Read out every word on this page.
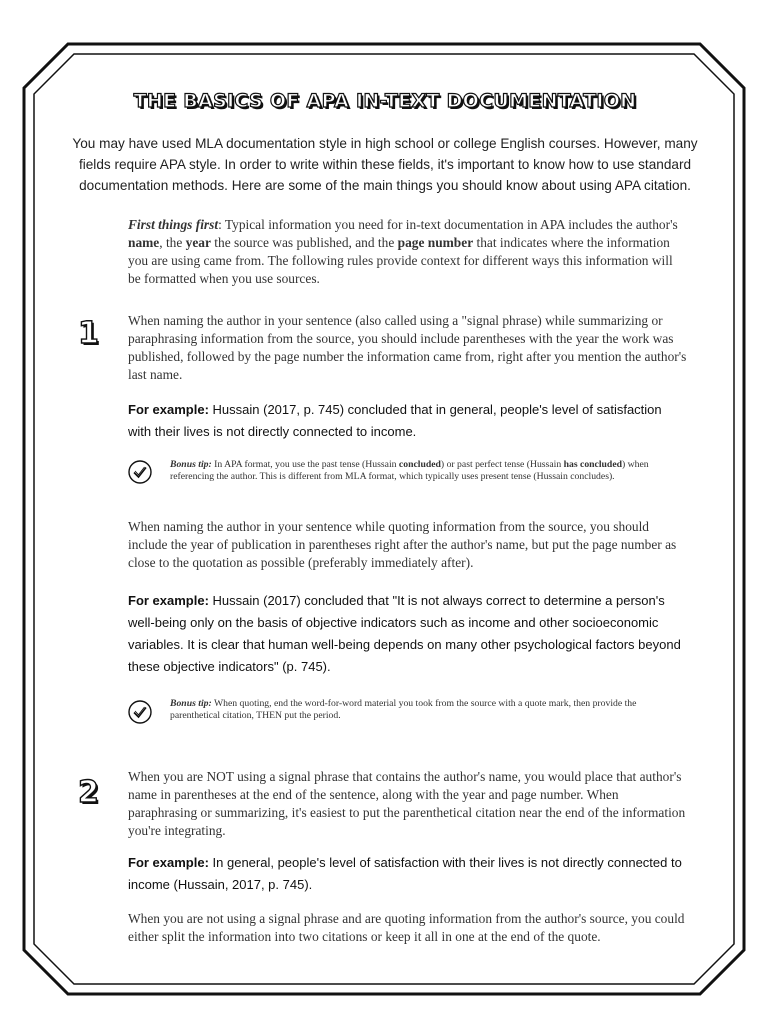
THE BASICS OF APA IN-TEXT DOCUMENTATION
You may have used MLA documentation style in high school or college English courses. However, many fields require APA style. In order to write within these fields, it's important to know how to use standard documentation methods. Here are some of the main things you should know about using APA citation.
First things first: Typical information you need for in-text documentation in APA includes the author's name, the year the source was published, and the page number that indicates where the information you are using came from. The following rules provide context for different ways this information will be formatted when you use sources.
1 When naming the author in your sentence (also called using a "signal phrase) while summarizing or paraphrasing information from the source, you should include parentheses with the year the work was published, followed by the page number the information came from, right after you mention the author's last name.
For example: Hussain (2017, p. 745) concluded that in general, people's level of satisfaction with their lives is not directly connected to income.
Bonus tip: In APA format, you use the past tense (Hussain concluded) or past perfect tense (Hussain has concluded) when referencing the author. This is different from MLA format, which typically uses present tense (Hussain concludes).
When naming the author in your sentence while quoting information from the source, you should include the year of publication in parentheses right after the author's name, but put the page number as close to the quotation as possible (preferably immediately after).
For example: Hussain (2017) concluded that "It is not always correct to determine a person's well-being only on the basis of objective indicators such as income and other socioeconomic variables. It is clear that human well-being depends on many other psychological factors beyond these objective indicators" (p. 745).
Bonus tip: When quoting, end the word-for-word material you took from the source with a quote mark, then provide the parenthetical citation, THEN put the period.
2 When you are NOT using a signal phrase that contains the author's name, you would place that author's name in parentheses at the end of the sentence, along with the year and page number. When paraphrasing or summarizing, it's easiest to put the parenthetical citation near the end of the information you're integrating.
For example: In general, people's level of satisfaction with their lives is not directly connected to income (Hussain, 2017, p. 745).
When you are not using a signal phrase and are quoting information from the author's source, you could either split the information into two citations or keep it all in one at the end of the quote.
